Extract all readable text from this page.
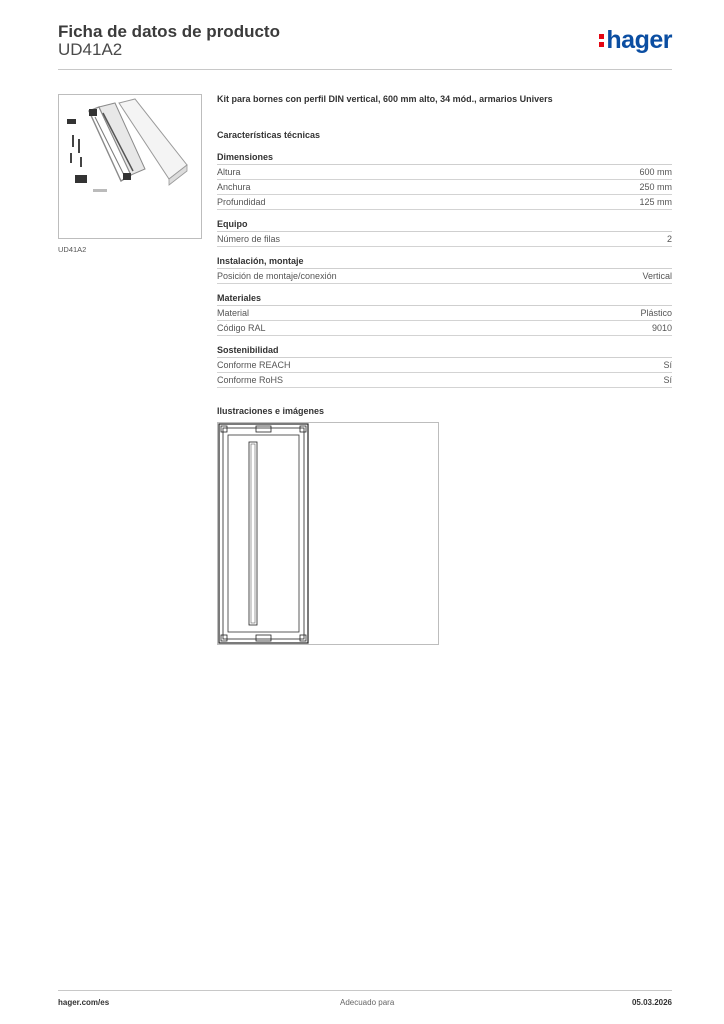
Ficha de datos de producto
UD41A2	hager
UD41A2
Kit para bornes con perfil DIN vertical, 600 mm alto, 34 mód., armarios Univers
Características técnicas
Dimensiones
Altura	600 mm
Anchura	250 mm
Profundidad	125 mm
Equipo
Número de filas	2
Instalación, montaje
Posición de montaje/conexión	Vertical
Materiales
Material	Plástico
Código RAL	9010
Sostenibilidad
Conforme REACH	Sí
Conforme RoHS	Sí
Ilustraciones e imágenes
hager.com/es	Adecuado para	05.03.2026
